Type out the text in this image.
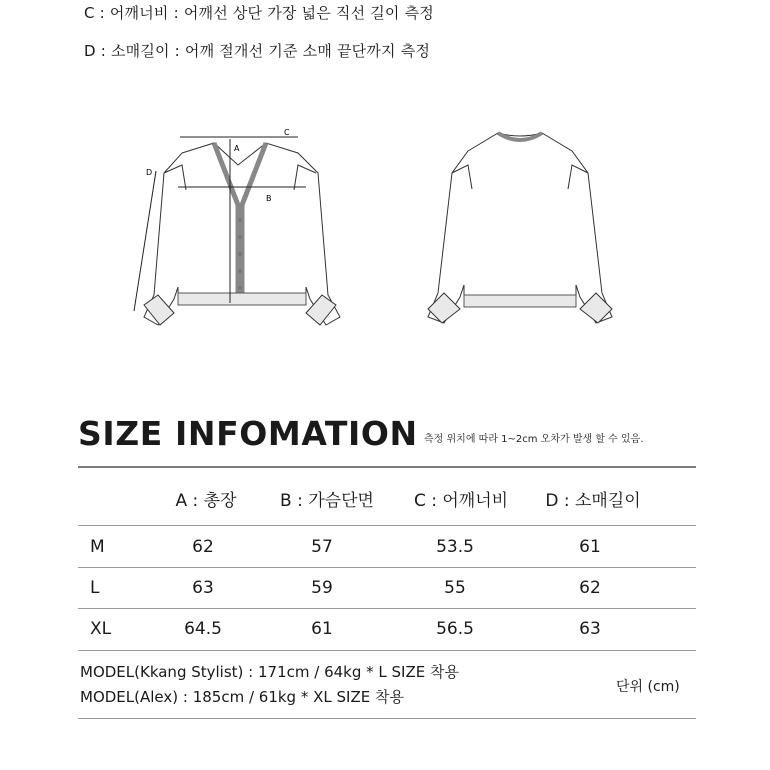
C : 어깨너비 : 어깨선 상단 가장 넓은 직선 길이 측정
D : 소매길이 : 어깨 절개선 기준 소매 끝단까지 측정
A
C
B
D
SIZE INFOMATION 측정 위치에 따라 1~2cm 오차가 발생 할 수 있음.
A : 총장	B : 가슴단면	C : 어깨너비	D : 소매길이
M	62	57	53.5	61
L	63	59	55	62
XL	64.5	61	56.5	63
MODEL(Kkang Stylist) : 171cm / 64kg * L SIZE 착용
MODEL(Alex) : 185cm / 61kg * XL SIZE 착용
단위 (cm)
